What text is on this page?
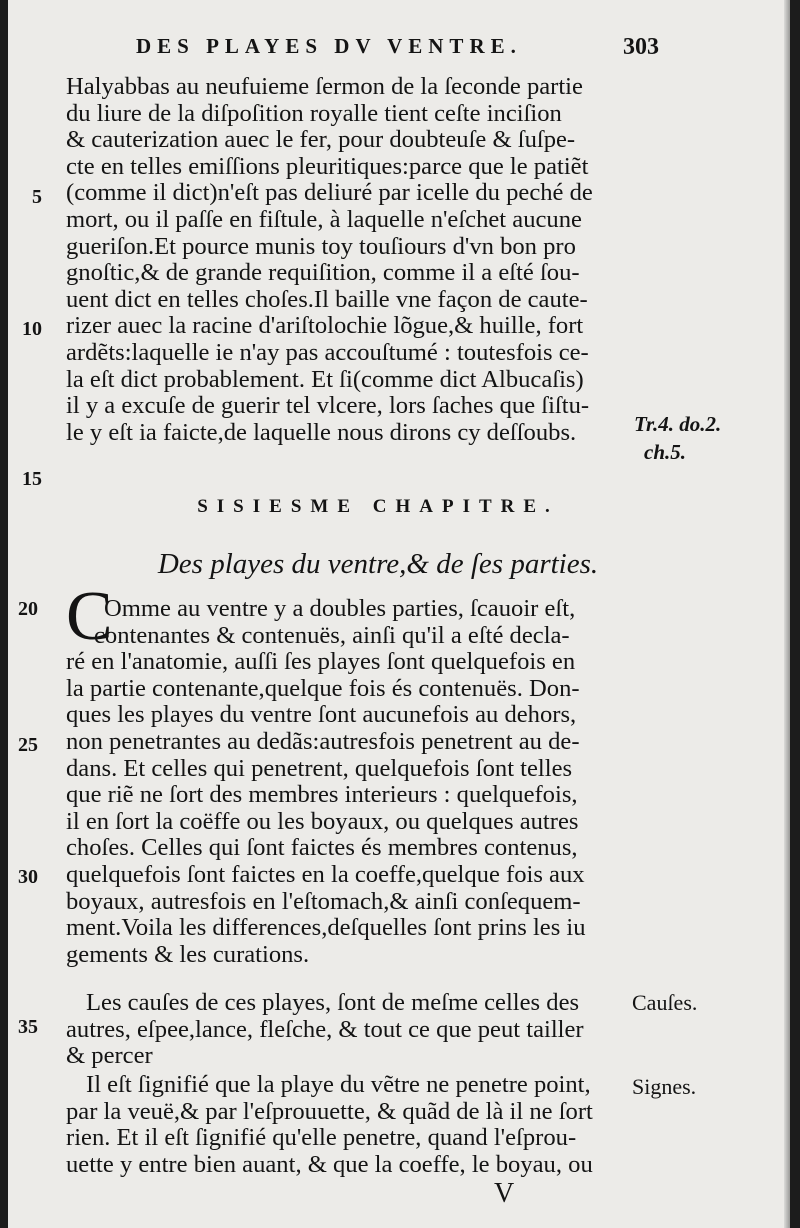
DES PLAYES DV VENTRE.	303
Halyabbas au neufuieme ſermon de la ſeconde partie
du liure de la diſpoſition royalle tient ceſte inciſion
& cauterization auec le fer, pour doubteuſe & ſuſpe-
cte en telles emiſſions pleuritiques:parce que le patiẽt
(comme il dict)n'eſt pas deliuré par icelle du peché de
mort, ou il paſſe en fiſtule, à laquelle n'eſchet aucune
gueriſon.Et pource munis toy touſiours d'vn bon pro
gnoſtic,& de grande requiſition, comme il a eſté ſou-
uent dict en telles choſes.Il baille vne façon de caute-
rizer auec la racine d'ariſtolochie lõgue,& huille, fort
ardẽts:laquelle ie n'ay pas accouſtumé : toutesfois ce-
la eſt dict probablement. Et ſi(comme dict Albucaſis)
il y a excuſe de guerir tel vlcere, lors ſaches que ſiſtu-
le y eſt ia faicte,de laquelle nous dirons cy deſſoubs.
5
10
15
20
25
30
35
Tr.4. do.2.
ch.5.
SISIESME CHAPITRE.
Des playes du ventre,& de ſes parties.
C
Omme au ventre y a doubles parties, ſcauoir eſt,
contenantes & contenuës, ainſi qu'il a eſté decla-
ré en l'anatomie, auſſi ſes playes ſont quelquefois en
la partie contenante,quelque fois és contenuës. Don-
ques les playes du ventre ſont aucunefois au dehors,
non penetrantes au dedãs:autresfois penetrent au de-
dans. Et celles qui penetrent, quelquefois ſont telles
que riẽ ne ſort des membres interieurs : quelquefois,
il en ſort la coëffe ou les boyaux, ou quelques autres
choſes. Celles qui ſont faictes és membres contenus,
quelquefois ſont faictes en la coeffe,quelque fois aux
boyaux, autresfois en l'eſtomach,& ainſi conſequem-
ment.Voila les differences,deſquelles ſont prins les iu
gements & les curations.
Les cauſes de ces playes, ſont de meſme celles des
autres, eſpee,lance, fleſche, & tout ce que peut tailler
& percer
Cauſes.
Il eſt ſignifié que la playe du vẽtre ne penetre point,
par la veuë,& par l'eſprouuette, & quãd de là il ne ſort
rien. Et il eſt ſignifié qu'elle penetre, quand l'eſprou-
uette y entre bien auant, & que la coeffe, le boyau, ou
Signes.
V
